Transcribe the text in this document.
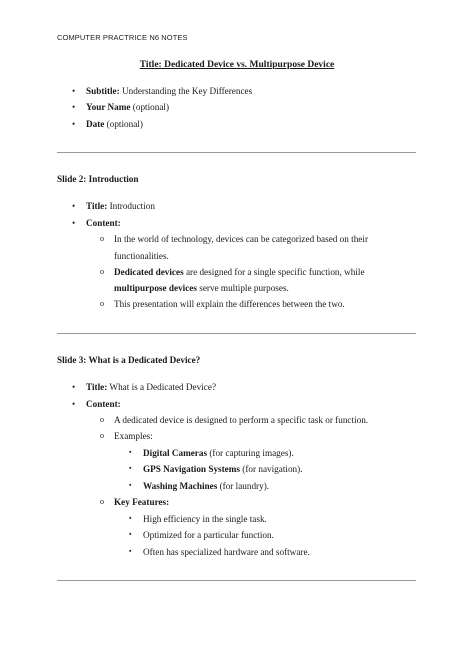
COMPUTER PRACTRICE N6 NOTES
Title: Dedicated Device vs. Multipurpose Device
• Subtitle: Understanding the Key Differences
• Your Name (optional)
• Date (optional)
Slide 2: Introduction
• Title: Introduction
• Content:
o In the world of technology, devices can be categorized based on their
functionalities.
o Dedicated devices are designed for a single specific function, while
multipurpose devices serve multiple purposes.
o This presentation will explain the differences between the two.
Slide 3: What is a Dedicated Device?
• Title: What is a Dedicated Device?
• Content:
o A dedicated device is designed to perform a specific task or function.
o Examples:
▪ Digital Cameras (for capturing images).
▪ GPS Navigation Systems (for navigation).
▪ Washing Machines (for laundry).
o Key Features:
▪ High efficiency in the single task.
▪ Optimized for a particular function.
▪ Often has specialized hardware and software.
